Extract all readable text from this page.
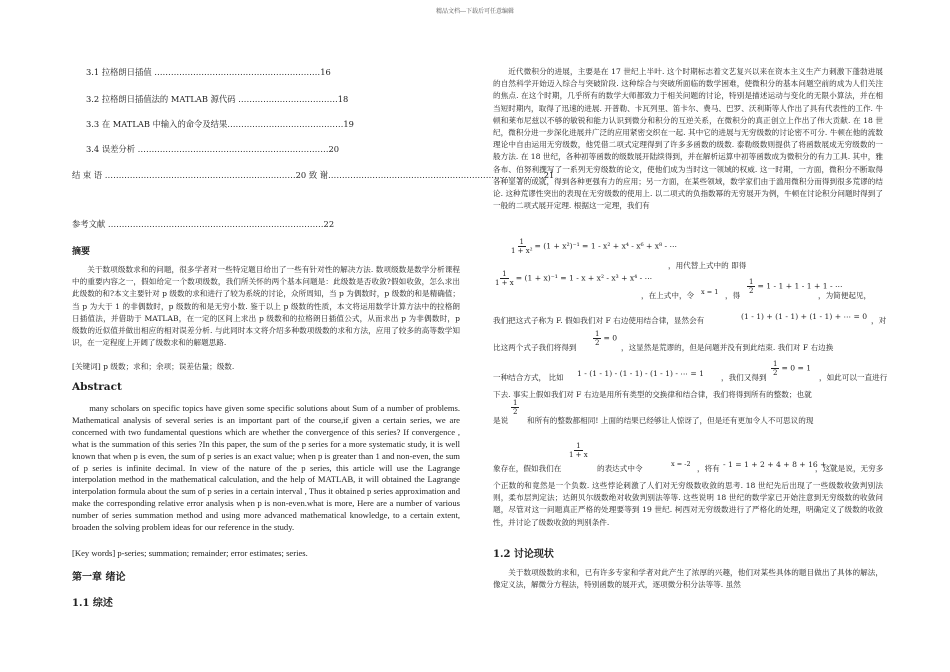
精品文档---下载后可任意编辑
3.1 拉格朗日插值 ……………………………………………………16
3.2 拉格朗日插值法的 MATLAB 源代码 ………………………………18
3.3 在 MATLAB 中输入的命令及结果……………………………………19
3.4 误差分析 ……………………………………………………………20
结 束 语 ……………………………………………………………20 致 谢……………………………………………………………………21
参考文献 ……………………………………………………………………22
摘要
关于数项级数求和的问题，很多学者对一些特定题目给出了一些有针对性的解决方法. 数项级数是数学分析课程中的重要内容之一，假如给定一个数项级数，我们所关怀的两个基本问题是：此级数是否收敛?假如收敛，怎么求出此级数的和?本文主要针对 p 级数的求和进行了较为系统的讨论，众所周知，当 p 为偶数时，p 级数的和是精确值；当 p 为大于 1 的非偶数时，p 级数的和是无穷小数. 鉴于以上 p 级数的性质，本文将运用数学计算方法中的拉格朗日插值法，并借助于 MATLAB，在一定的区间上求出 p 级数和的拉格朗日插值公式，从而求出 p 为非偶数时，p 级数的近似值并做出相应的相对误差分析. 与此同时本文将介绍多种数项级数的求和方法，应用了较多的高等数学知识，在一定程度上开阔了级数求和的解题思路.
[关键词] p 级数；求和；余项；误差估量；级数.
Abstract
many scholars on specific topics have given some specific solutions about Sum of a number of problems. Mathematical analysis of several series is an important part of the course,if given a certain series, we are concerned with two fundamental questions which are whether the convergence of this series? If convergence , what is the summation of this series ?In this paper, the sum of the p series for a more systematic study, it is well known that when p is even, the sum of p series is an exact value; when p is greater than 1 and non-even, the sum of p series is infinite decimal. In view of the nature of the p series, this article will use the Lagrange interpolation method in the mathematical calculation, and the help of MATLAB, it will obtained the Lagrange interpolation formula about the sum of p series in a certain interval , Thus it obtained p series approximation and make the corresponding relative error analysis when p is non-even.what is more, Here are a number of various number of series summation method and using more advanced mathematical knowledge, to a certain extent, broaden the solving problem ideas for our reference in the study.
[Key words] p-series; summation; remainder; error estimates; series.
第一章 绪论
1.1 综述
近代微积分的进展，主要是在 17 世纪上半叶. 这个时期标志着文艺复兴以来在资本主义生产力刺激下蓬勃进展的自然科学开始迈入综合与突破阶段. 这种综合与突破所面临的数学困难，使微积分的基本问题空前的成为人们关注的焦点. 在这个时期，几乎所有的数学大师都致力于相关问题的讨论，特别是描述运动与变化的无限小算法，并在相当短时期内，取得了迅速的进展. 开普勒、卡瓦列里、笛卡尔、费马、巴罗、沃利斯等人作出了具有代表性的工作. 牛顿和莱布尼兹以不够的敏锐和能力认识到微分和积分的互逆关系，在微积分的真正创立上作出了伟大贡献. 在 18 世纪，微积分进一步深化进展并广泛的应用紧密交织在一起. 其中它的进展与无穷级数的讨论密不可分. 牛顿在他的流数理论中自由运用无穷级数，他凭借二项式定理得到了许多多函数的级数. 泰勒级数则提供了将函数展成无穷级数的一般方法. 在 18 世纪，各种初等函数的级数展开陆续得到，并在解析运算中初等函数成为微积分的有力工具. 其中，雅各布、伯努利撰写了一系列无穷级数的论文，使他们成为当时这一领域的权威. 这一时期，一方面，微积分不断取得各种显著的成就，得到各种更强有力的应用；另一方面，在某些领域，数学家们由于滥用微积分而得到很多荒谬的结论. 这种荒谬性突出的表现在无穷级数的使用上. 以二项式的负指数幂的无穷展开为例，牛顿在讨论积分问题时得到了一般的二项式展开定理. 根据这一定理，我们有
$\frac{1}{\text{1 + x²}} = (1 + x^2)^{-1} = 1 - x^2 + x^4 - x^6 + x^8$ - ⋯
，用代替上式中的 即得
$\frac{1}{1 + x} = (1 + x)^{-1} = 1 - x + x^2 - x^3 + x^4$ - ⋯
，在上式中，令 x = 1 ，得
$\frac{1}{2} = 1 - 1 + 1 - 1 + 1$ - ⋯
，为简便起见，
我们把这式子称为 F. 假如我们对 F 右边使用结合律，显然会有	(1 - 1) + (1 - 1) + (1 - 1) + ⋯ = 0 ，对
比这两个式子我们将得到
$\frac{1}{2} = 0$
，这显然是荒谬的，但是问题并没有到此结束. 我们对 F 右边换
一种结合方式， 比如 1 - (1 - 1) - (1 - 1) - (1 - 1) - ⋯ = 1 ，我们又得到
$\frac{1}{2} = 0 = 1$
，如此可以一直进行
下去. 事实上假如我们对 F 右边是用所有类型的交换律和结合律，我们将得到所有的整数；也就
是说
$\frac{1}{2}$
和所有的整数都相同! 上面的结果已经够让人惊讶了，但是还有更加令人不可思议的现
象存在，假如我们在
$\frac{1}{1 + x}$
的表达式中令	x = -2 ，将有 - 1 = 1 + 2 + 4 + 8 + 16 + ⋯
，这就是说，无穷多
个正数的和竟然是一个负数. 这些悖论刺激了人们对无穷级数收敛的思考. 18 世纪先后出现了一些级数收敛判别法则，柔布层判定法；达朗贝尔级数绝对收敛判别法等等. 这些说明 18 世纪的数学家已开始注意到无穷级数的收敛问题，尽管对这一问题真正严格的处理要等到 19 世纪. 柯西对无穷级数进行了严格化的处理，明确定义了级数的收敛性，并讨论了级数收敛的判别条件.
1.2 讨论现状
关于数项级数的求和，已有许多专家和学者对此产生了浓厚的兴趣，他们对某些具体的题目做出了具体的解法，像定义法，解微分方程法，特别函数的展开式，逐项微分积分法等等. 虽然
